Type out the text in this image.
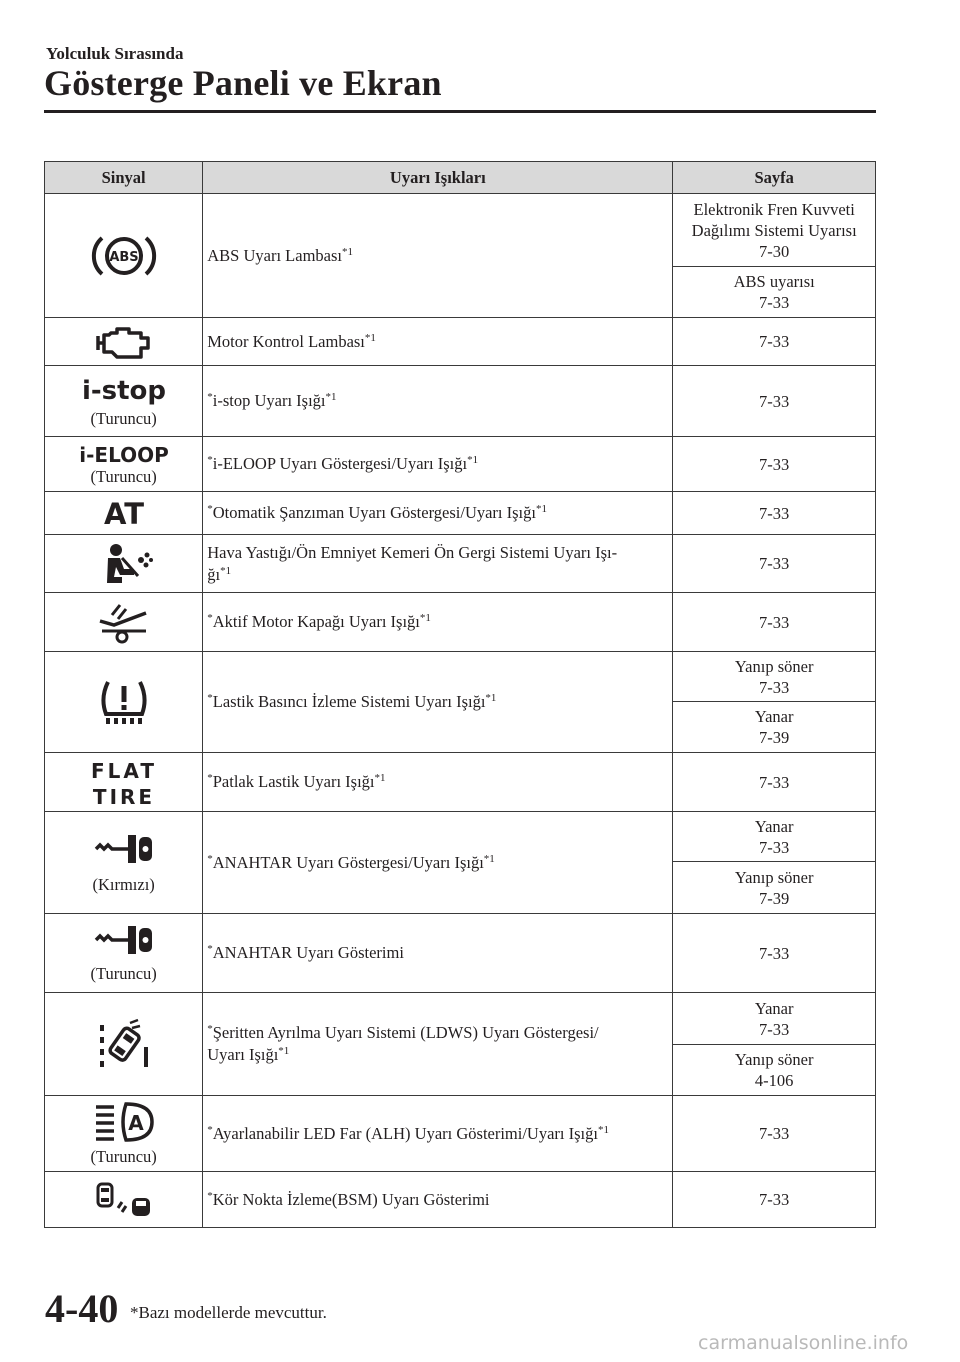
Yolculuk Sırasında
Gösterge Paneli ve Ekran
Sinyal	Uyarı Işıkları	Sayfa

ABS	ABS Uyarı Lambası$^{*1}$	Elektronik Fren Kuvveti
Dağılımı Sistemi Uyarısı
7-30

		ABS uyarısı
7-33

	Motor Kontrol Lambası$^{*1}$	7-33

i-stop
(Turuncu)	*i-stop Uyarı Işığı$^{*1}$	7-33

i-ELOOP
(Turuncu)	*i-ELOOP Uyarı Göstergesi/Uyarı Işığı$^{*1}$	7-33

AT	*Otomatik Şanzıman Uyarı Göstergesi/Uyarı Işığı$^{*1}$	7-33

	Hava Yastığı/Ön Emniyet Kemeri Ön Gergi Sistemi Uyarı Işı-
$ğı^{*1}$	7-33

	*Aktif Motor Kapağı Uyarı Işığı$^{*1}$	7-33

	*Lastik Basıncı İzleme Sistemi Uyarı Işığı$^{*1}$	Yanıp söner
7-33

		Yanar
7-39

FLAT
TIRE	*Patlak Lastik Uyarı Işığı$^{*1}$	7-33

(Kırmızı)	*ANAHTAR Uyarı Göstergesi/Uyarı Işığı$^{*1}$	Yanar
7-33

		Yanıp söner
7-39

(Turuncu)	*ANAHTAR Uyarı Gösterimi	7-33

	*Şeritten Ayrılma Uyarı Sistemi (LDWS) Uyarı Göstergesi/
Uyarı Işığı$^{*1}$	Yanar
7-33

		Yanıp söner
4-106

A
(Turuncu)	*Ayarlanabilir LED Far (ALH) Uyarı Gösterimi/Uyarı Işığı$^{*1}$	7-33

	*Kör Nokta İzleme(BSM) Uyarı Gösterimi	7-33
4-40 *Bazı modellerde mevcuttur.
carmanualsonline.info
